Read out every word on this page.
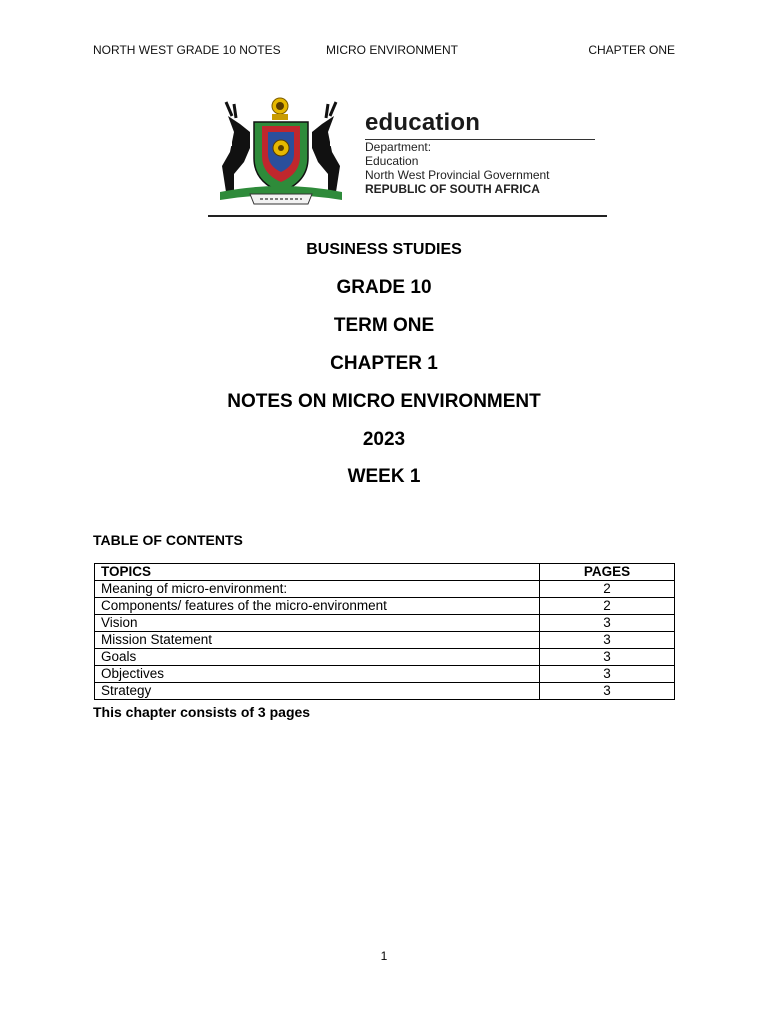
NORTH WEST GRADE 10 NOTES	MICRO ENVIRONMENT	CHAPTER ONE
education
Department:
Education
North West Provincial Government
REPUBLIC OF SOUTH AFRICA
BUSINESS STUDIES
GRADE 10
TERM ONE
CHAPTER 1
NOTES ON MICRO ENVIRONMENT
2023
WEEK 1
TABLE OF CONTENTS
TOPICS	PAGES
Meaning of micro-environment:	2
Components/ features of the micro-environment	2
Vision	3
Mission Statement	3
Goals	3
Objectives	3
Strategy	3
This chapter consists of 3 pages
1
